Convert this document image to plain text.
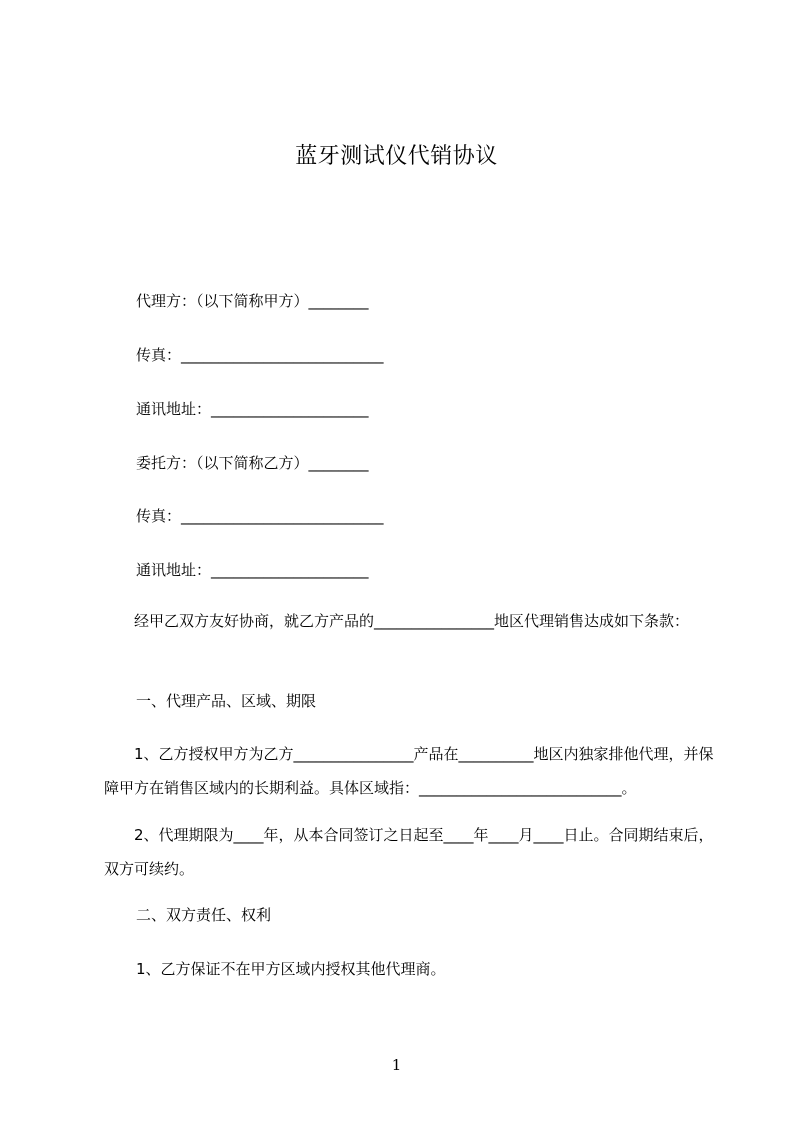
蓝牙测试仪代销协议
代理方：（以下简称甲方）________
传真：___________________________
通讯地址：_____________________
委托方：（以下简称乙方）________
传真：___________________________
通讯地址：_____________________
经甲乙双方友好协商，就乙方产品的________________地区代理销售达成如下条款：
一、代理产品、区域、期限
1、乙方授权甲方为乙方________________产品在__________地区内独家排他代理，并保障甲方在销售区域内的长期利益。具体区域指：___________________________。
2、代理期限为____年，从本合同签订之日起至____年____月____日止。合同期结束后，双方可续约。
二、双方责任、权利
1、乙方保证不在甲方区域内授权其他代理商。
1
